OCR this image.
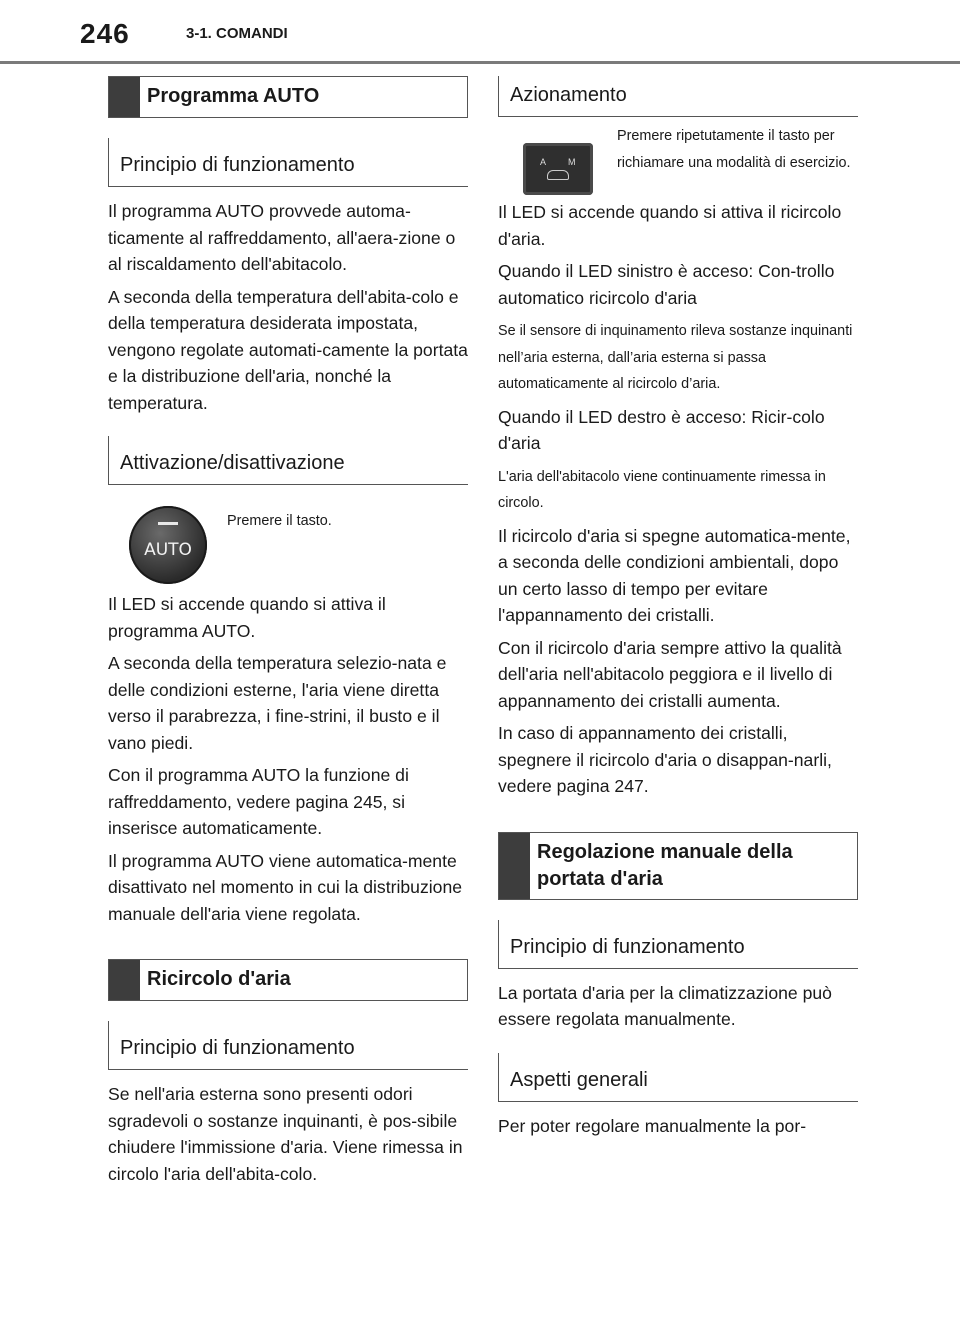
246	3-1. COMANDI
Programma AUTO
Principio di funzionamento

Il programma AUTO provvede automa-ticamente al raffreddamento, all'aera-zione o al riscaldamento dell'abitacolo.

A seconda della temperatura dell'abita-colo e della temperatura desiderata impostata, vengono regolate automati-camente la portata e la distribuzione dell'aria, nonché la temperatura.

Attivazione/disattivazione
AUTO
Premere il tasto.

Il LED si accende quando si attiva il programma AUTO.

A seconda della temperatura selezio-nata e delle condizioni esterne, l'aria viene diretta verso il parabrezza, i fine-strini, il busto e il vano piedi.

Con il programma AUTO la funzione di raffreddamento, vedere pagina 245, si inserisce automaticamente.

Il programma AUTO viene automatica-mente disattivato nel momento in cui la distribuzione manuale dell'aria viene regolata.

Ricircolo d'aria
Principio di funzionamento

Se nell'aria esterna sono presenti odori sgradevoli o sostanze inquinanti, è pos-sibile chiudere l'immissione d'aria. Viene rimessa in circolo l'aria dell'abita-colo.

Azionamento
A M
Premere ripetutamente il tasto per richiamare una modalità di esercizio.

Il LED si accende quando si attiva il ricircolo d'aria.

Quando il LED sinistro è acceso: Con-trollo automatico ricircolo d'aria

Se il sensore di inquinamento rileva sostanze inquinanti nell’aria esterna, dall’aria esterna si passa automaticamente al ricircolo d’aria.

Quando il LED destro è acceso: Ricir-colo d'aria

L'aria dell'abitacolo viene continuamente rimessa in circolo.

Il ricircolo d'aria si spegne automatica-mente, a seconda delle condizioni ambientali, dopo un certo lasso di tempo per evitare l'appannamento dei cristalli.

Con il ricircolo d'aria sempre attivo la qualità dell'aria nell'abitacolo peggiora e il livello di appannamento dei cristalli aumenta.

In caso di appannamento dei cristalli, spegnere il ricircolo d'aria o disappan-narli, vedere pagina 247.

Regolazione manuale della portata d'aria
Principio di funzionamento

La portata d'aria per la climatizzazione può essere regolata manualmente.

Aspetti generali

Per poter regolare manualmente la por-
